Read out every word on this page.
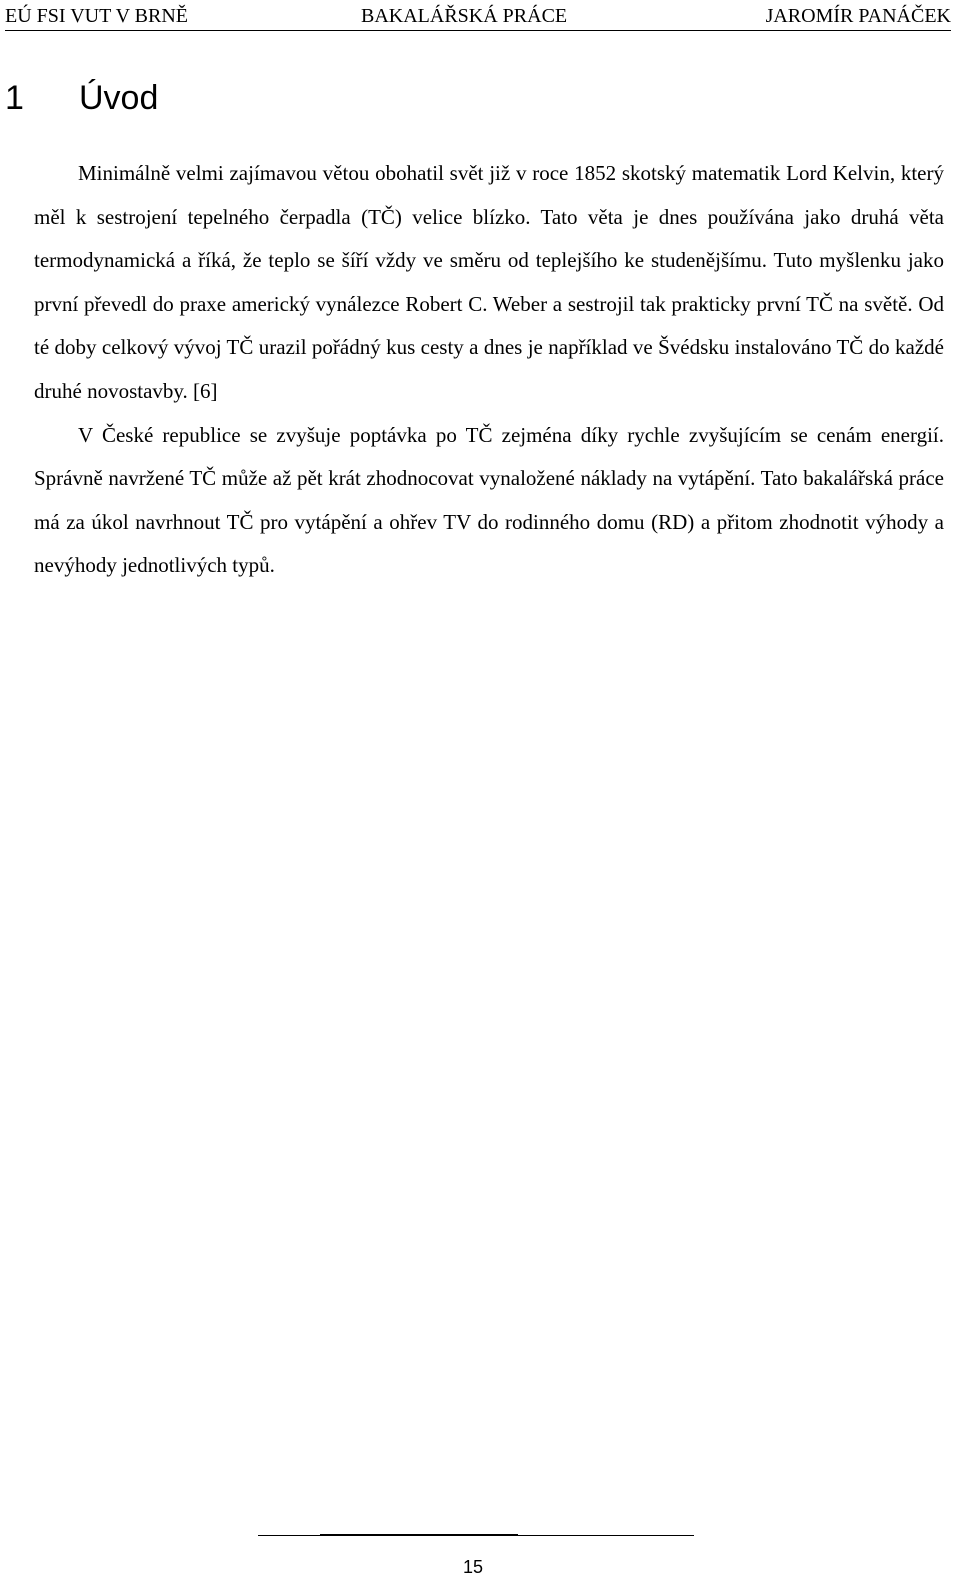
EÚ FSI VUT V BRNĚ	BAKALÁŘSKÁ PRÁCE	JAROMÍR PANÁČEK
1 Úvod

Minimálně velmi zajímavou větou obohatil svět již v roce 1852 skotský matematik Lord Kelvin, který měl k sestrojení tepelného čerpadla (TČ) velice blízko. Tato věta je dnes používána jako druhá věta termodynamická a říká, že teplo se šíří vždy ve směru od teplejšího ke studenějšímu. Tuto myšlenku jako první převedl do praxe americký vynálezce Robert C. Weber a sestrojil tak prakticky první TČ na světě. Od té doby celkový vývoj TČ urazil pořádný kus cesty a dnes je například ve Švédsku instalováno TČ do každé druhé novostavby. [6]

V České republice se zvyšuje poptávka po TČ zejména díky rychle zvyšujícím se cenám energií. Správně navržené TČ může až pět krát zhodnocovat vynaložené náklady na vytápění. Tato bakalářská práce má za úkol navrhnout TČ pro vytápění a ohřev TV do rodinného domu (RD) a přitom zhodnotit výhody a nevýhody jednotlivých typů.

15
